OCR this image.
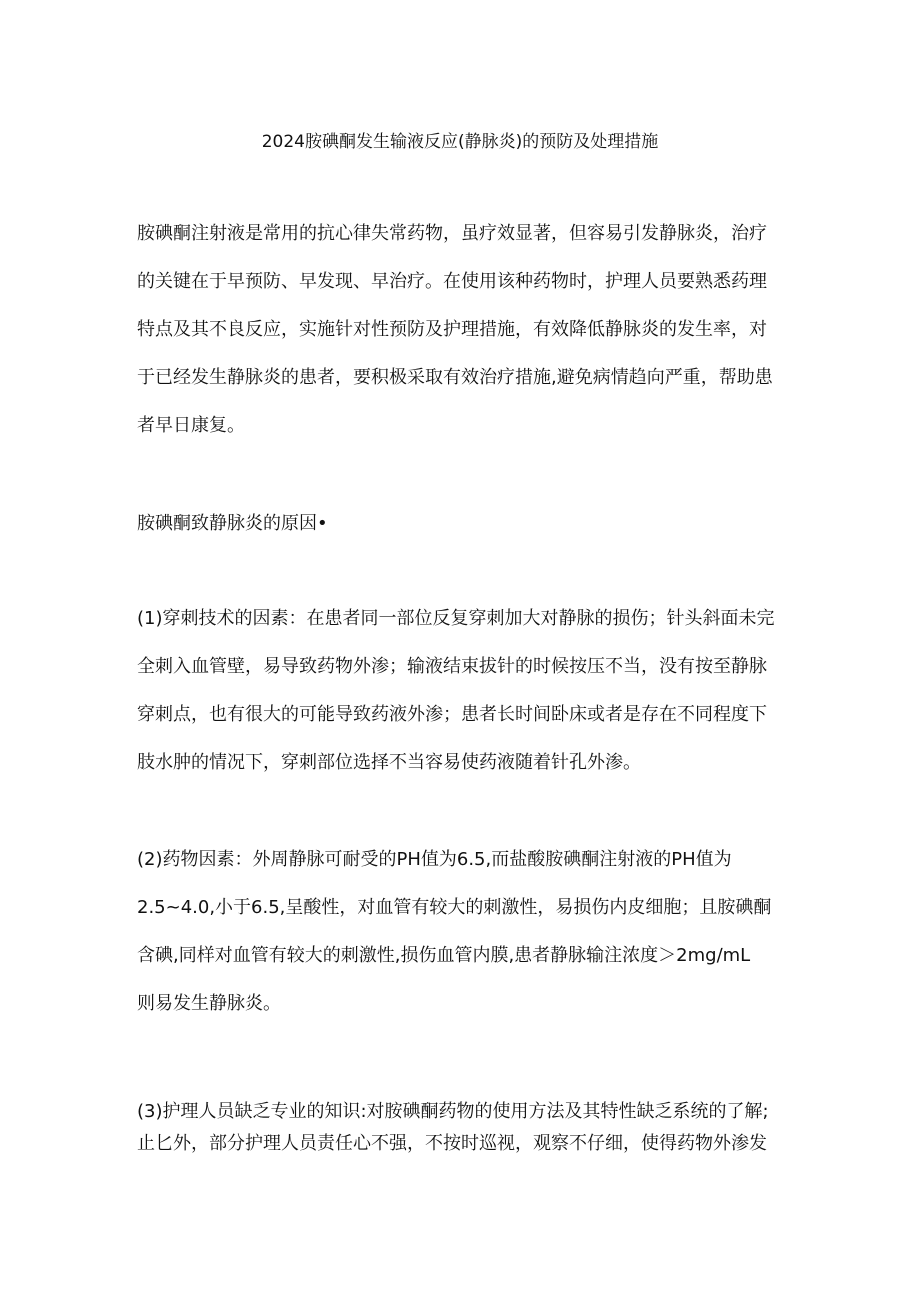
2024胺碘酮发生输液反应(静脉炎)的预防及处理措施
胺碘酮注射液是常用的抗心律失常药物，虽疗效显著，但容易引发静脉炎，治疗
的关键在于早预防、早发现、早治疗。在使用该种药物时，护理人员要熟悉药理
特点及其不良反应，实施针对性预防及护理措施，有效降低静脉炎的发生率，对
于已经发生静脉炎的患者，要积极采取有效治疗措施,避免病情趋向严重，帮助患
者早日康复。
胺碘酮致静脉炎的原因•
(1)穿刺技术的因素：在患者同一部位反复穿刺加大对静脉的损伤；针头斜面未完
全刺入血管壁，易导致药物外渗；输液结束拔针的时候按压不当，没有按至静脉
穿刺点，也有很大的可能导致药液外渗；患者长时间卧床或者是存在不同程度下
肢水肿的情况下，穿刺部位选择不当容易使药液随着针孔外渗。
(2)药物因素：外周静脉可耐受的PH值为6.5,而盐酸胺碘酮注射液的PH值为
2.5~4.0,小于6.5,呈酸性，对血管有较大的刺激性，易损伤内皮细胞；且胺碘酮
含碘,同样对血管有较大的刺激性,损伤血管内膜,患者静脉输注浓度＞2mg∕mL
则易发生静脉炎。
(3)护理人员缺乏专业的知识:对胺碘酮药物的使用方法及其特性缺乏系统的了解;
止匕外，部分护理人员责任心不强，不按时巡视，观察不仔细，使得药物外渗发
